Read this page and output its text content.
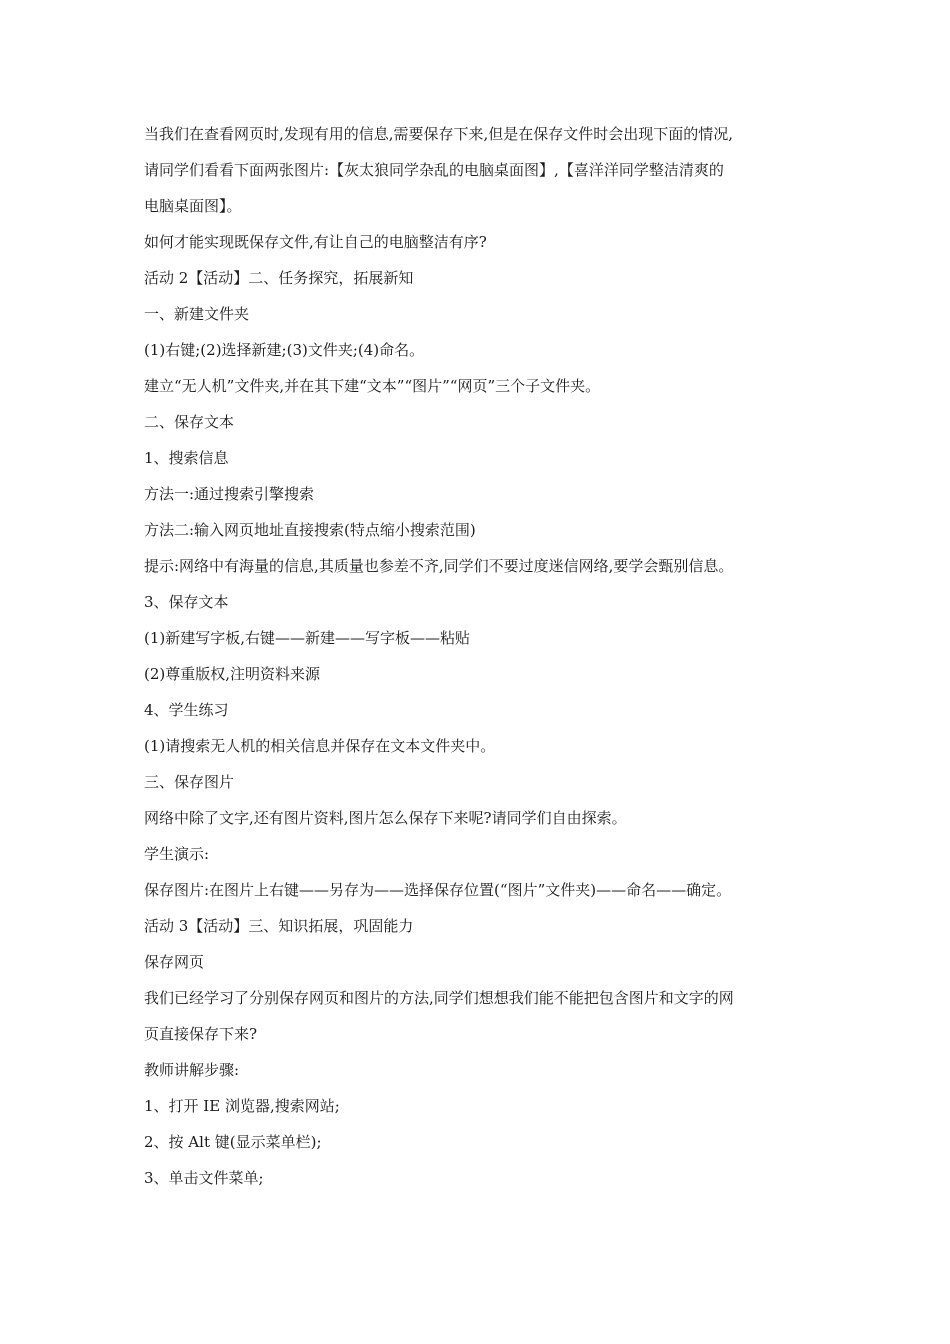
当我们在查看网页时,发现有用的信息,需要保存下来,但是在保存文件时会出现下面的情况,

请同学们看看下面两张图片:【灰太狼同学杂乱的电脑桌面图】,【喜洋洋同学整洁清爽的

电脑桌面图】。

如何才能实现既保存文件,有让自己的电脑整洁有序?

活动 2【活动】二、任务探究，拓展新知

一、新建文件夹

(1)右键;(2)选择新建;(3)文件夹;(4)命名。

建立“无人机”文件夹,并在其下建“文本”“图片”“网页”三个子文件夹。

二、保存文本

1、搜索信息

方法一:通过搜索引擎搜索

方法二:输入网页地址直接搜索(特点缩小搜索范围)

提示:网络中有海量的信息,其质量也参差不齐,同学们不要过度迷信网络,要学会甄别信息。

3、保存文本

(1)新建写字板,右键——新建——写字板——粘贴

(2)尊重版权,注明资料来源

4、学生练习

(1)请搜索无人机的相关信息并保存在文本文件夹中。

三、保存图片

网络中除了文字,还有图片资料,图片怎么保存下来呢?请同学们自由探索。

学生演示:

保存图片:在图片上右键——另存为——选择保存位置(“图片”文件夹)——命名——确定。

活动 3【活动】三、知识拓展，巩固能力

保存网页

我们已经学习了分别保存网页和图片的方法,同学们想想我们能不能把包含图片和文字的网

页直接保存下来?

教师讲解步骤:

1、打开 IE 浏览器,搜索网站;

2、按 Alt 键(显示菜单栏);

3、单击文件菜单;
